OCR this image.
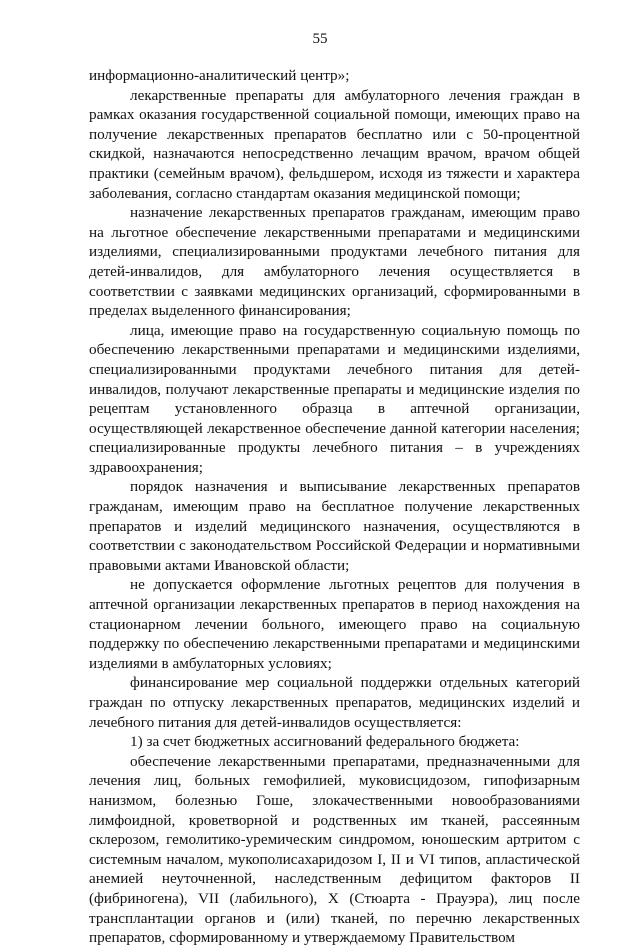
55

информационно-аналитический центр»;

лекарственные препараты для амбулаторного лечения граждан в рамках оказания государственной социальной помощи, имеющих право на получение лекарственных препаратов бесплатно или с 50-процентной скидкой, назначаются непосредственно лечащим врачом, врачом общей практики (семейным врачом), фельдшером, исходя из тяжести и характера заболевания, согласно стандартам оказания медицинской помощи;

назначение лекарственных препаратов гражданам, имеющим право на льготное обеспечение лекарственными препаратами и медицинскими изделиями, специализированными продуктами лечебного питания для детей-инвалидов, для амбулаторного лечения осуществляется в соответствии с заявками медицинских организаций, сформированными в пределах выделенного финансирования;

лица, имеющие право на государственную социальную помощь по обеспечению лекарственными препаратами и медицинскими изделиями, специализированными продуктами лечебного питания для детей-инвалидов, получают лекарственные препараты и медицинские изделия по рецептам установленного образца в аптечной организации, осуществляющей лекарственное обеспечение данной категории населения; специализированные продукты лечебного питания – в учреждениях здравоохранения;

порядок назначения и выписывание лекарственных препаратов гражданам, имеющим право на бесплатное получение лекарственных препаратов и изделий медицинского назначения, осуществляются в соответствии с законодательством Российской Федерации и нормативными правовыми актами Ивановской области;

не допускается оформление льготных рецептов для получения в аптечной организации лекарственных препаратов в период нахождения на стационарном лечении больного, имеющего право на социальную поддержку по обеспечению лекарственными препаратами и медицинскими изделиями в амбулаторных условиях;

финансирование мер социальной поддержки отдельных категорий граждан по отпуску лекарственных препаратов, медицинских изделий и лечебного питания для детей-инвалидов осуществляется:

1) за счет бюджетных ассигнований федерального бюджета:

обеспечение лекарственными препаратами, предназначенными для лечения лиц, больных гемофилией, муковисцидозом, гипофизарным нанизмом, болезнью Гоше, злокачественными новообразованиями лимфоидной, кроветворной и родственных им тканей, рассеянным склерозом, гемолитико-уремическим синдромом, юношеским артритом с системным началом, мукополисахаридозом I, II и VI типов, апластической анемией неуточненной, наследственным дефицитом факторов II (фибриногена), VII (лабильного), X (Стюарта - Прауэра), лиц после трансплантации органов и (или) тканей, по перечню лекарственных препаратов, сформированному и утверждаемому Правительством
